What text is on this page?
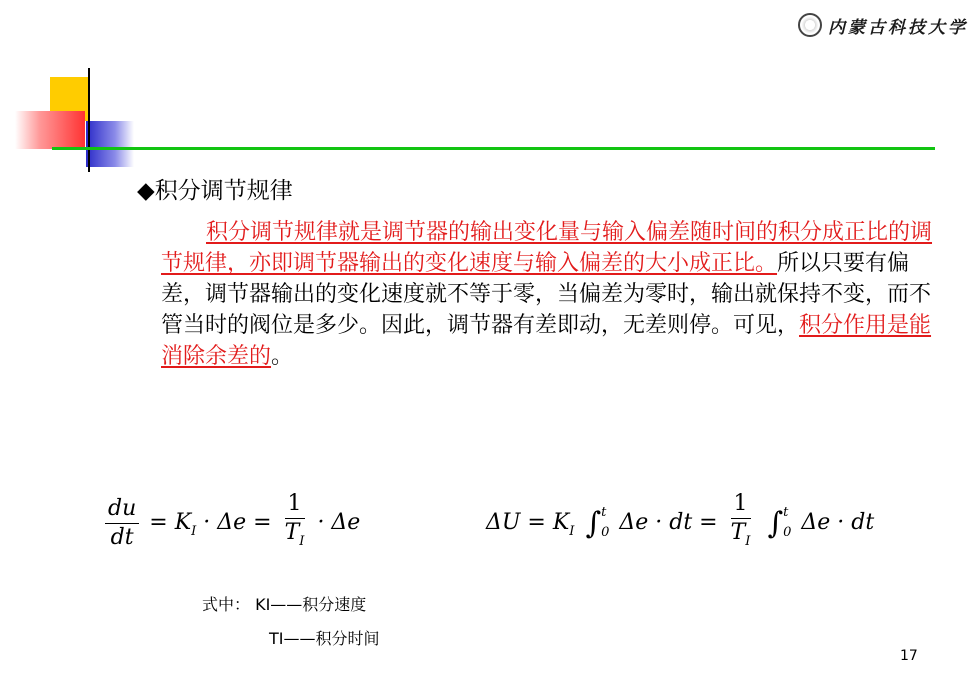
内蒙古科技大学
◆积分调节规律
积分调节规律就是调节器的输出变化量与输入偏差随时间的积分成正比的调节规律，亦即调节器输出的变化速度与输入偏差的大小成正比。所以只要有偏差，调节器输出的变化速度就不等于零，当偏差为零时，输出就保持不变，而不管当时的阀位是多少。因此，调节器有差即动，无差则停。可见，积分作用是能消除余差的。
$\frac{du}{dt} = K_I \cdot \Delta e = \frac{1}{T_I} \cdot \Delta e$	$\Delta U = K_I$ ∫ t
0 Δe · dt = $\frac{1}{T_I}$ ∫ t
0 Δe · dt
式中： KI——积分速度
TI——积分时间
17
